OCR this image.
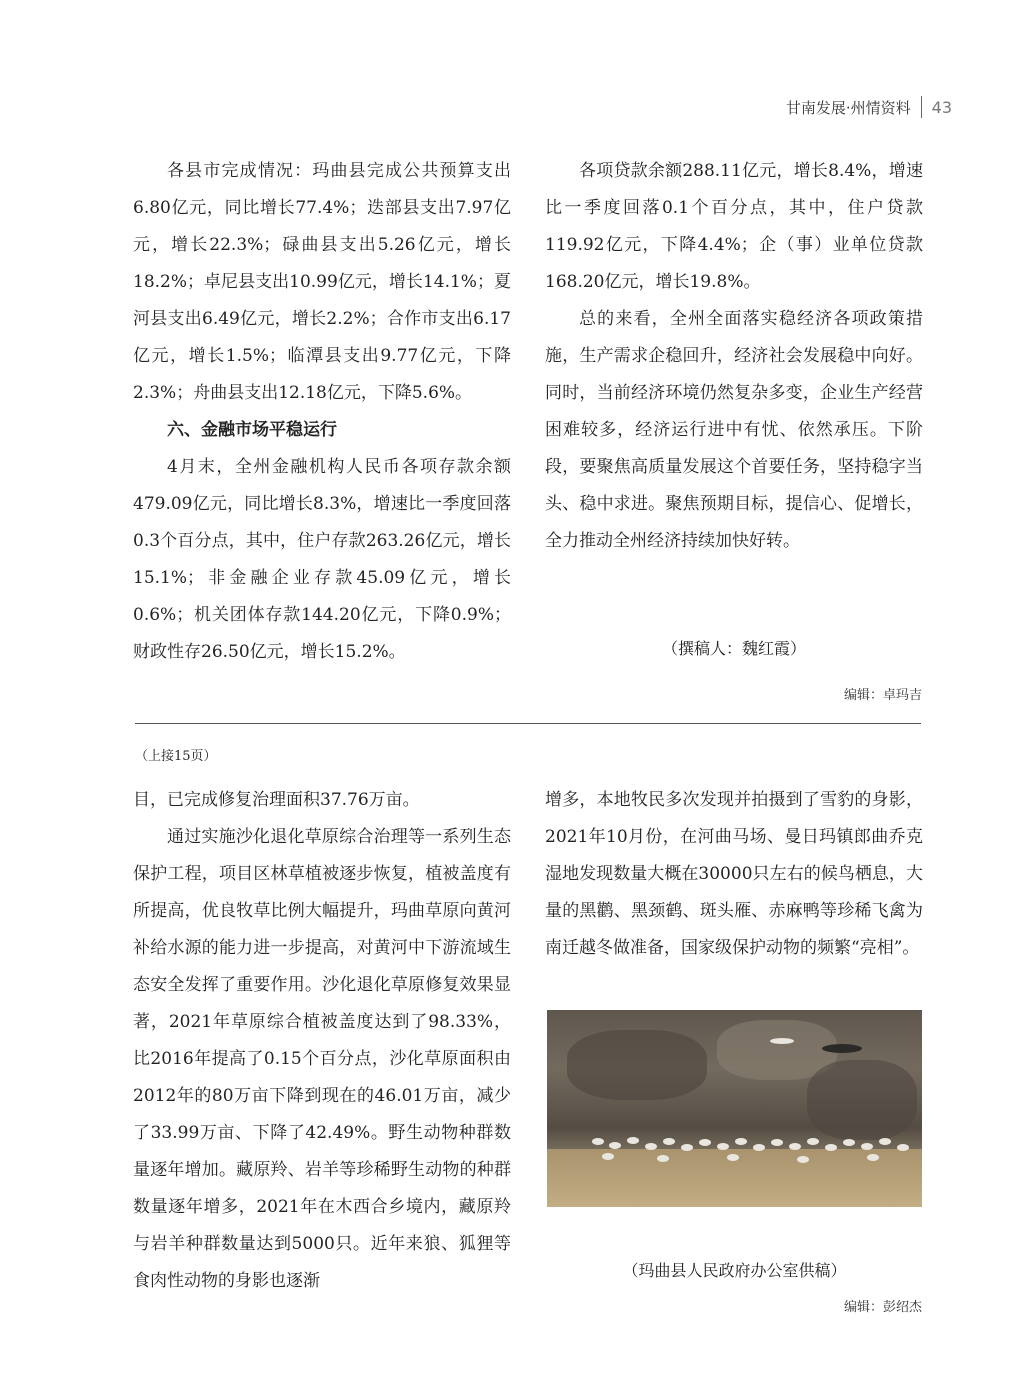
甘南发展·州情资料 43

各县市完成情况：玛曲县完成公共预算支出6.80亿元，同比增长77.4%；迭部县支出7.97亿元，增长22.3%；碌曲县支出5.26亿元，增长18.2%；卓尼县支出10.99亿元，增长14.1%；夏河县支出6.49亿元，增长2.2%；合作市支出6.17亿元，增长1.5%；临潭县支出9.77亿元，下降2.3%；舟曲县支出12.18亿元，下降5.6%。

六、金融市场平稳运行

4月末，全州金融机构人民币各项存款余额479.09亿元，同比增长8.3%，增速比一季度回落0.3个百分点，其中，住户存款263.26亿元，增长15.1%；非金融企业存款45.09亿元，增长0.6%；机关团体存款144.20亿元，下降0.9%；财政性存26.50亿元，增长15.2%。

各项贷款余额288.11亿元，增长8.4%，增速比一季度回落0.1个百分点，其中，住户贷款119.92亿元，下降4.4%；企（事）业单位贷款168.20亿元，增长19.8%。

总的来看，全州全面落实稳经济各项政策措施，生产需求企稳回升，经济社会发展稳中向好。同时，当前经济环境仍然复杂多变，企业生产经营困难较多，经济运行进中有忧、依然承压。下阶段，要聚焦高质量发展这个首要任务，坚持稳字当头、稳中求进。聚焦预期目标，提信心、促增长，全力推动全州经济持续加快好转。

（撰稿人：魏红霞）
编辑：卓玛吉
（上接15页）

目，已完成修复治理面积37.76万亩。

通过实施沙化退化草原综合治理等一系列生态保护工程，项目区林草植被逐步恢复，植被盖度有所提高，优良牧草比例大幅提升，玛曲草原向黄河补给水源的能力进一步提高，对黄河中下游流域生态安全发挥了重要作用。沙化退化草原修复效果显著，2021年草原综合植被盖度达到了98.33%，比2016年提高了0.15个百分点，沙化草原面积由2012年的80万亩下降到现在的46.01万亩，减少了33.99万亩、下降了42.49%。野生动物种群数量逐年增加。藏原羚、岩羊等珍稀野生动物的种群数量逐年增多，2021年在木西合乡境内，藏原羚与岩羊种群数量达到5000只。近年来狼、狐狸等食肉性动物的身影也逐渐

增多，本地牧民多次发现并拍摄到了雪豹的身影，2021年10月份，在河曲马场、曼日玛镇郎曲乔克湿地发现数量大概在30000只左右的候鸟栖息，大量的黑鹳、黑颈鹤、斑头雁、赤麻鸭等珍稀飞禽为南迁越冬做准备，国家级保护动物的频繁“亮相”。

（玛曲县人民政府办公室供稿）
编辑：彭绍杰
